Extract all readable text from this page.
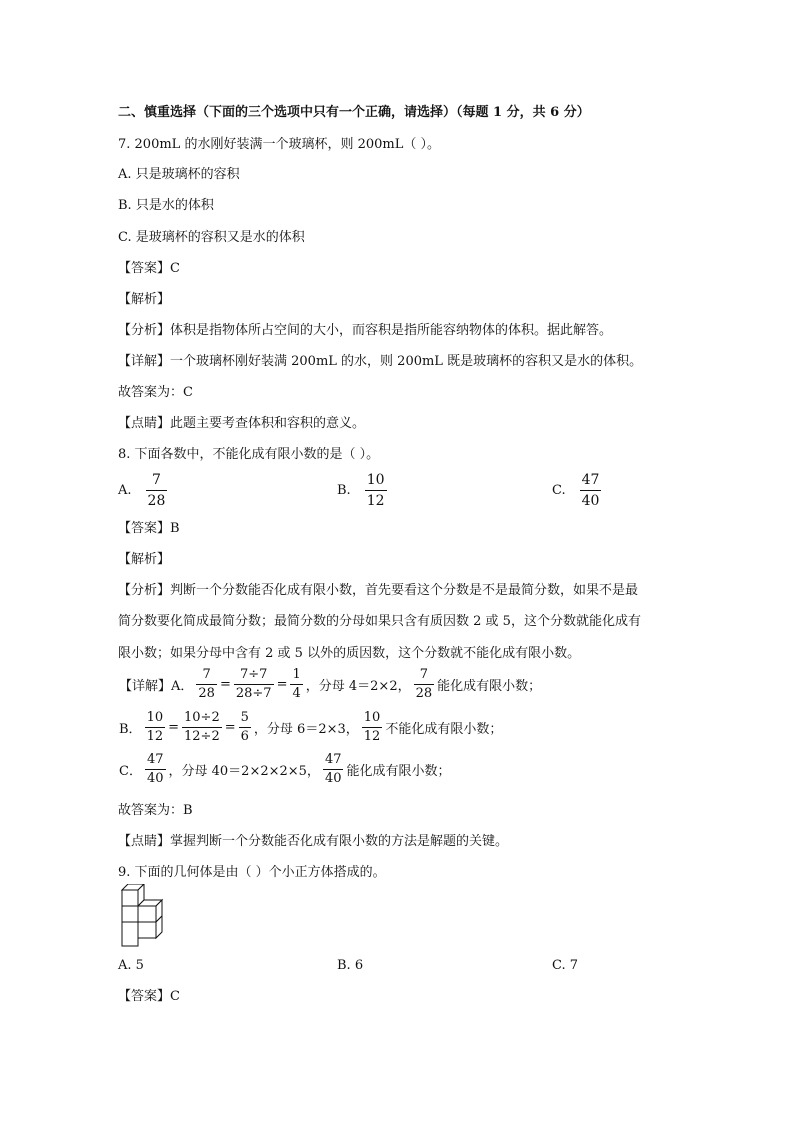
二、慎重选择（下面的三个选项中只有一个正确，请选择）（每题 1 分，共 6 分）
7. 200mL 的水刚好装满一个玻璃杯，则 200mL（ ）。
A. 只是玻璃杯的容积
B. 只是水的体积
C. 是玻璃杯的容积又是水的体积
【答案】C
【解析】
【分析】体积是指物体所占空间的大小，而容积是指所能容纳物体的体积。据此解答。
【详解】一个玻璃杯刚好装满 200mL 的水，则 200mL 既是玻璃杯的容积又是水的体积。
故答案为：C
【点睛】此题主要考查体积和容积的意义。
8. 下面各数中，不能化成有限小数的是（ ）。
A. $\frac{7}{28}$	B. $\frac{10}{12}$	C. $\frac{47}{40}$
【答案】B
【解析】
【分析】判断一个分数能否化成有限小数，首先要看这个分数是不是最简分数，如果不是最
简分数要化简成最简分数；最简分数的分母如果只含有质因数 2 或 5，这个分数就能化成有
限小数；如果分母中含有 2 或 5 以外的质因数，这个分数就不能化成有限小数。
【详解】A． $\frac{7}{28} = \frac{7\div 7}{28\div 7} = \frac{1}{4}$ ，分母 4＝2×2， $\frac{7}{28}$ 能化成有限小数；
B． $\frac{10}{12} = \frac{10\div 2}{12\div 2} = \frac{5}{6}$ ，分母 6＝2×3， $\frac{10}{12}$ 不能化成有限小数；
C． $\frac{47}{40}$ ，分母 40＝2×2×2×5， $\frac{47}{40}$ 能化成有限小数；
故答案为：B
【点睛】掌握判断一个分数能否化成有限小数的方法是解题的关键。
9. 下面的几何体是由（ ）个小正方体搭成的。
A. 5	B. 6	C. 7
【答案】C
